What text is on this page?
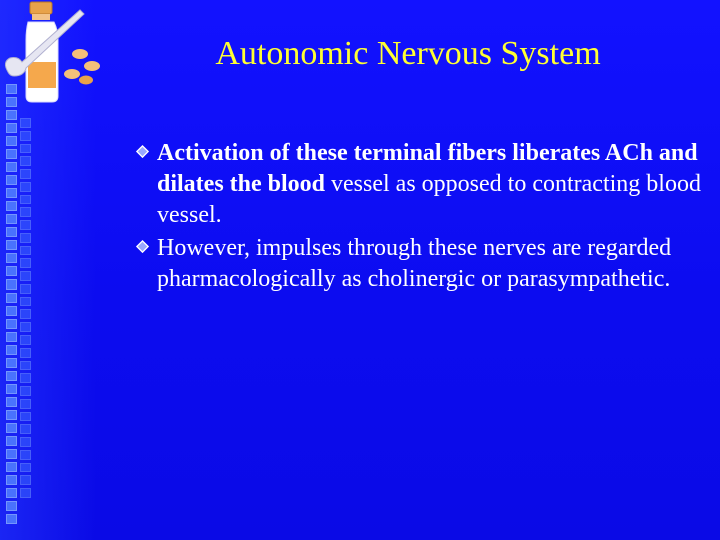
Autonomic Nervous System

Activation of these terminal fibers liberates ACh and dilates the blood vessel as opposed to contracting blood vessel.

However, impulses through these nerves are regarded pharmacologically as cholinergic or parasympathetic.
